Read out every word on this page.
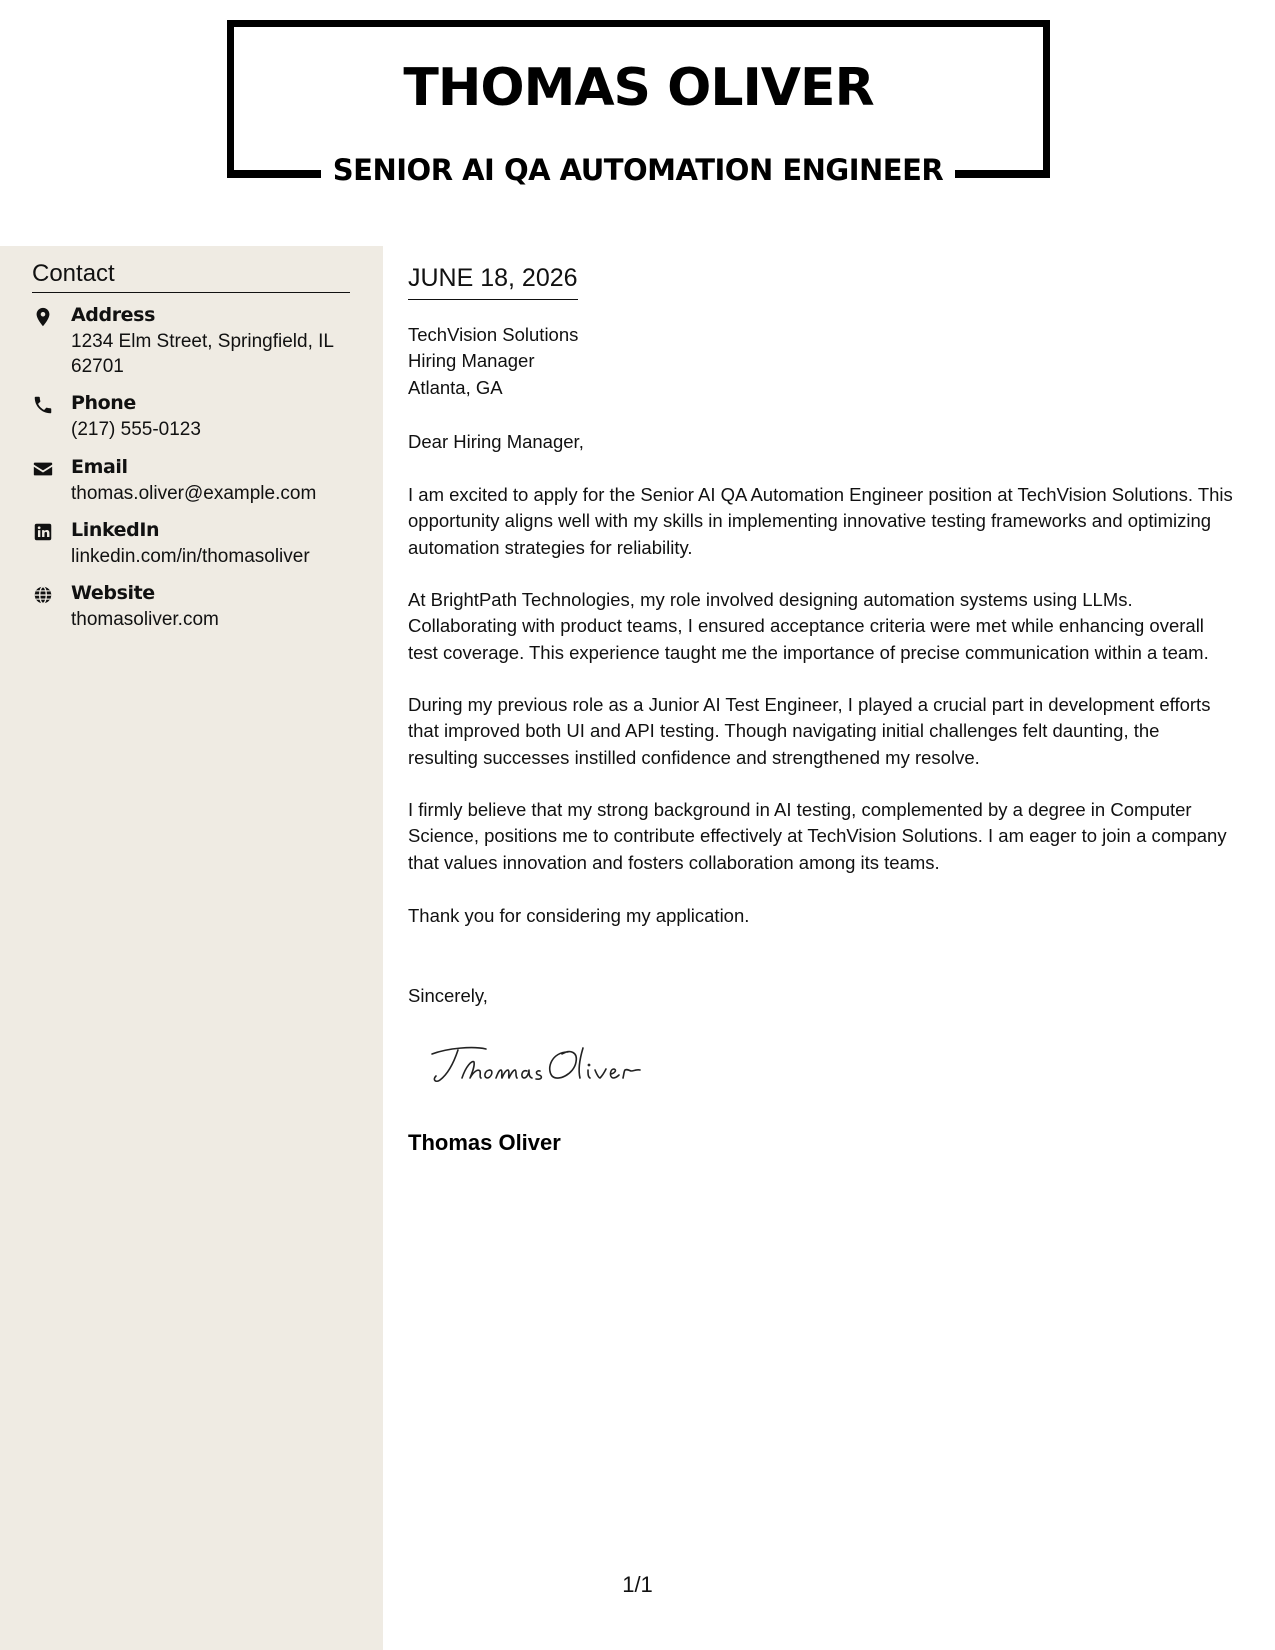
THOMAS OLIVER
SENIOR AI QA AUTOMATION ENGINEER
Contact
Address
1234 Elm Street, Springfield, IL
62701
Phone
(217) 555-0123
Email
thomas.oliver@example.com
LinkedIn
linkedin.com/in/thomasoliver
Website
thomasoliver.com
JUNE 18, 2026
TechVision Solutions
Hiring Manager
Atlanta, GA
Dear Hiring Manager,
I am excited to apply for the Senior AI QA Automation Engineer position at TechVision Solutions. This
opportunity aligns well with my skills in implementing innovative testing frameworks and optimizing
automation strategies for reliability.
At BrightPath Technologies, my role involved designing automation systems using LLMs.
Collaborating with product teams, I ensured acceptance criteria were met while enhancing overall
test coverage. This experience taught me the importance of precise communication within a team.
During my previous role as a Junior AI Test Engineer, I played a crucial part in development efforts
that improved both UI and API testing. Though navigating initial challenges felt daunting, the
resulting successes instilled confidence and strengthened my resolve.
I firmly believe that my strong background in AI testing, complemented by a degree in Computer
Science, positions me to contribute effectively at TechVision Solutions. I am eager to join a company
that values innovation and fosters collaboration among its teams.
Thank you for considering my application.
Sincerely,
Thomas Oliver
1/1
